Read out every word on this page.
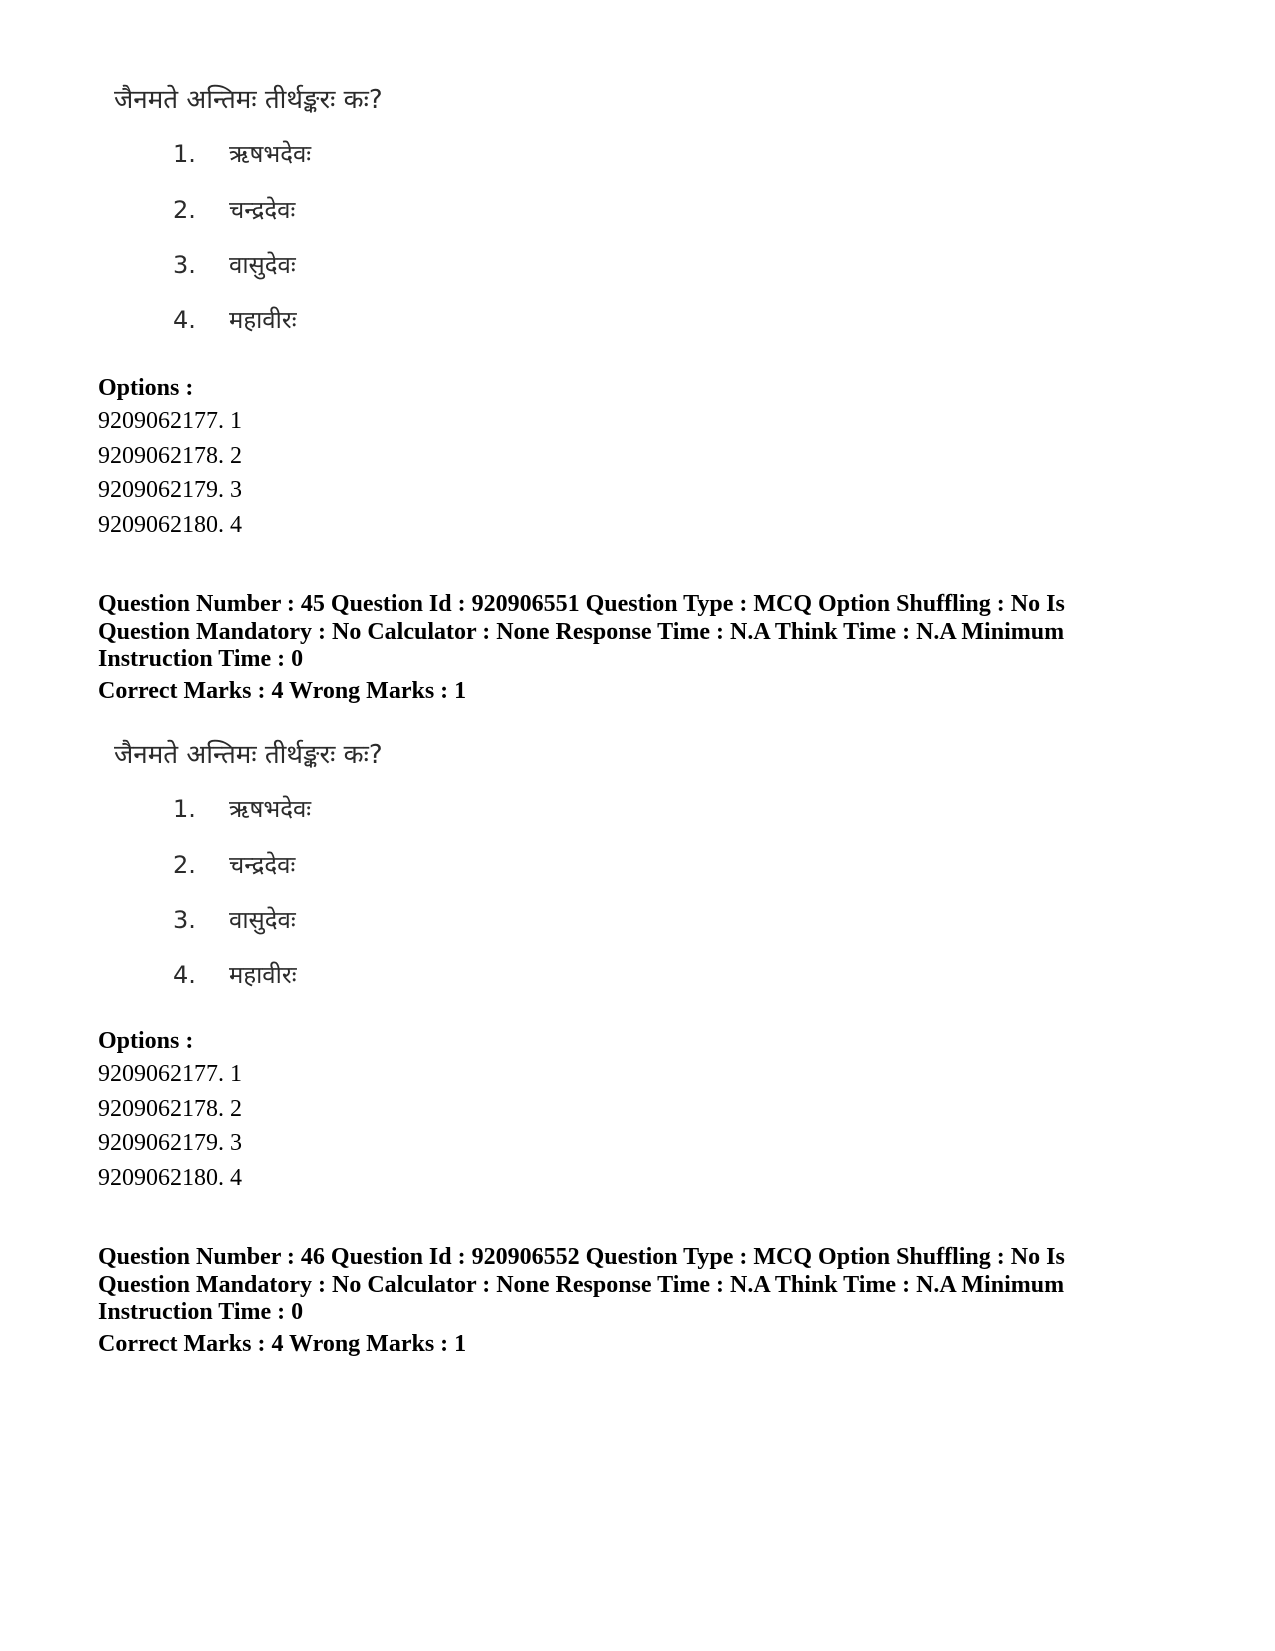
जैनमते अन्तिमः तीर्थङ्करः कः?
1. ऋषभदेवः
2. चन्द्रदेवः
3. वासुदेवः
4. महावीरः
Options :
9209062177. 1
9209062178. 2
9209062179. 3
9209062180. 4
Question Number : 45 Question Id : 920906551 Question Type : MCQ Option Shuffling : No Is
Question Mandatory : No Calculator : None Response Time : N.A Think Time : N.A Minimum
Instruction Time : 0
Correct Marks : 4 Wrong Marks : 1
जैनमते अन्तिमः तीर्थङ्करः कः?
1. ऋषभदेवः
2. चन्द्रदेवः
3. वासुदेवः
4. महावीरः
Options :
9209062177. 1
9209062178. 2
9209062179. 3
9209062180. 4
Question Number : 46 Question Id : 920906552 Question Type : MCQ Option Shuffling : No Is
Question Mandatory : No Calculator : None Response Time : N.A Think Time : N.A Minimum
Instruction Time : 0
Correct Marks : 4 Wrong Marks : 1
